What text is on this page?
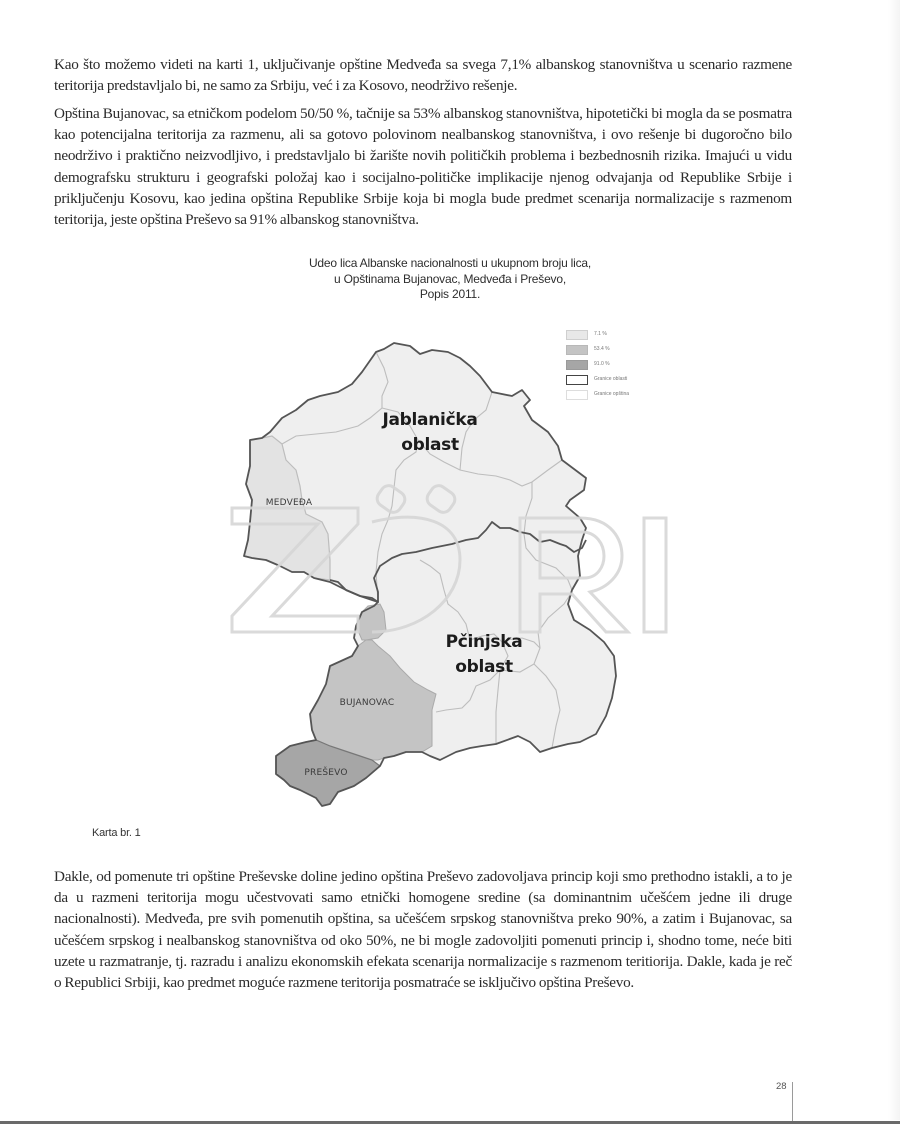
Kao što možemo videti na karti 1, uključivanje opštine Medveđa sa svega 7,1% albanskog stanovništva u scenario razmene teritorija predstavljalo bi, ne samo za Srbiju, već i za Kosovo, neodrživo rešenje.

Opština Bujanovac, sa etničkom podelom 50/50 %, tačnije sa 53% albanskog stanovništva, hipotetički bi mogla da se posmatra kao potencijalna teritorija za razmenu, ali sa gotovo polovinom nealbanskog stanovništva, i ovo rešenje bi dugoročno bilo neodrživo i praktično neizvodljivo, i predstavljalo bi žarište novih političkih problema i bezbednosnih rizika. Imajući u vidu demografsku strukturu i geografski položaj kao i socijalno-političke implikacije njenog odvajanja od Republike Srbije i priključenju Kosovu, kao jedina opština Republike Srbije koja bi mogla bude predmet scenarija normalizacije s razmenom teritorija, jeste opština Preševo sa 91% albanskog stanovništva.

Udeo lica Albanske nacionalnosti u ukupnom broju lica,
u Opštinama Bujanovac, Medveđa i Preševo,
Popis 2011.
7.1 %
53.4 %
91.0 %
Granice oblasti
Granice opština
Jablanička
oblast
Pčinjska
oblast
MEDVEĐA
BUJANOVAC
PREŠEVO
Karta br. 1

Dakle, od pomenute tri opštine Preševske doline jedino opština Preševo zadovoljava princip koji smo prethodno istakli, a to je da u razmeni teritorija mogu učestvovati samo etnički homogene sredine (sa dominantnim učešćem jedne ili druge nacionalnosti). Medveđa, pre svih pomenutih opština, sa učešćem srpskog stanovništva preko 90%, a zatim i Bujanovac, sa učešćem srpskog i nealbanskog stanovništva od oko 50%, ne bi mogle zadovoljiti pomenuti princip i, shodno tome, neće biti uzete u razmatranje, tj. razradu i analizu ekonomskih efekata scenarija normalizacije s razmenom teritiorija. Dakle, kada je reč o Republici Srbiji, kao predmet moguće razmene teritorija posmatraće se isključivo opština Preševo.

28
